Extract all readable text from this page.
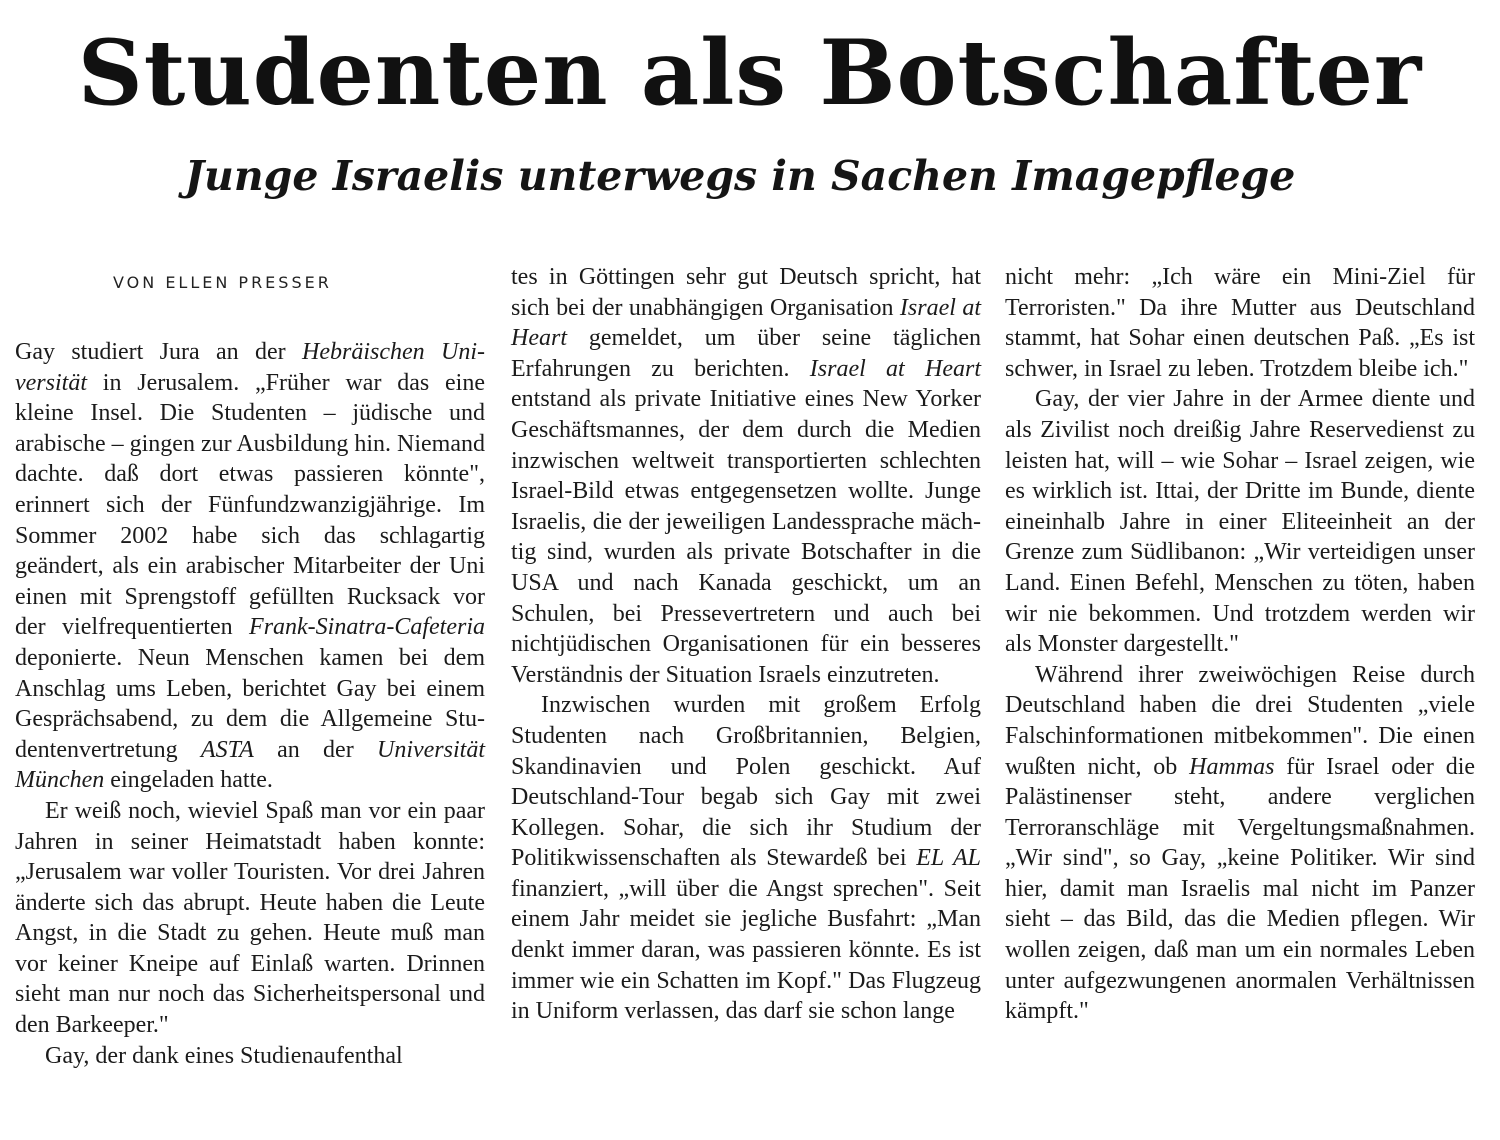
Studenten als Botschafter
Junge Israelis unterwegs in Sachen Imagepflege
VON ELLEN PRESSER

Gay studiert Jura an der Hebräischen Universität in Jerusalem. „Früher war das eine kleine Insel. Die Studenten – jüdische und arabische – gingen zur Ausbildung hin. Niemand dachte. daß dort etwas passieren könnte", erinnert sich der Fünfundzwanzigjährige. Im Sommer 2002 habe sich das schlagartig geändert, als ein arabischer Mitarbeiter der Uni einen mit Sprengstoff gefüllten Rucksack vor der vielfrequentierten Frank-Sinatra-Cafeteria deponierte. Neun Menschen kamen bei dem Anschlag ums Leben, berichtet Gay bei einem Gesprächsabend, zu dem die Allgemeine Studentenvertretung ASTA an der Universität München eingeladen hatte.

Er weiß noch, wieviel Spaß man vor ein paar Jahren in seiner Heimatstadt haben konnte: „Jerusalem war voller Touristen. Vor drei Jahren änderte sich das abrupt. Heute haben die Leute Angst, in die Stadt zu gehen. Heute muß man vor keiner Kneipe auf Einlaß warten. Drinnen sieht man nur noch das Sicherheitspersonal und den Barkeeper."

Gay, der dank eines Studienaufenthal

tes in Göttingen sehr gut Deutsch spricht, hat sich bei der unabhängigen Organisation Israel at Heart gemeldet, um über seine täglichen Erfahrungen zu berichten. Israel at Heart entstand als private Initiative eines New Yorker Geschäftsmannes, der dem durch die Medien inzwischen weltweit transportierten schlechten Israel-Bild etwas entgegensetzen wollte. Junge Israelis, die der jeweiligen Landessprache mächtig sind, wurden als private Botschafter in die USA und nach Kanada geschickt, um an Schulen, bei Pressevertretern und auch bei nichtjüdischen Organisationen für ein besseres Verständnis der Situation Israels einzutreten.

Inzwischen wurden mit großem Erfolg Studenten nach Großbritannien, Belgien, Skandinavien und Polen geschickt. Auf Deutschland-Tour begab sich Gay mit zwei Kollegen. Sohar, die sich ihr Studium der Politikwissenschaften als Stewardeß bei EL AL finanziert, „will über die Angst sprechen". Seit einem Jahr meidet sie jegliche Busfahrt: „Man denkt immer daran, was passieren könnte. Es ist immer wie ein Schatten im Kopf." Das Flugzeug in Uniform verlassen, das darf sie schon lange

nicht mehr: „Ich wäre ein Mini-Ziel für Terroristen." Da ihre Mutter aus Deutschland stammt, hat Sohar einen deutschen Paß. „Es ist schwer, in Israel zu leben. Trotzdem bleibe ich."

Gay, der vier Jahre in der Armee diente und als Zivilist noch dreißig Jahre Reservedienst zu leisten hat, will – wie Sohar – Israel zeigen, wie es wirklich ist. Ittai, der Dritte im Bunde, diente eineinhalb Jahre in einer Eliteeinheit an der Grenze zum Südlibanon: „Wir verteidigen unser Land. Einen Befehl, Menschen zu töten, haben wir nie bekommen. Und trotzdem werden wir als Monster dargestellt."

Während ihrer zweiwöchigen Reise durch Deutschland haben die drei Studenten „viele Falschinformationen mitbekommen". Die einen wußten nicht, ob Hammas für Israel oder die Palästinenser steht, andere verglichen Terroranschläge mit Vergeltungsmaßnahmen. „Wir sind", so Gay, „keine Politiker. Wir sind hier, damit man Israelis mal nicht im Panzer sieht – das Bild, das die Medien pflegen. Wir wollen zeigen, daß man um ein normales Leben unter aufgezwungenen anormalen Verhältnissen kämpft."
